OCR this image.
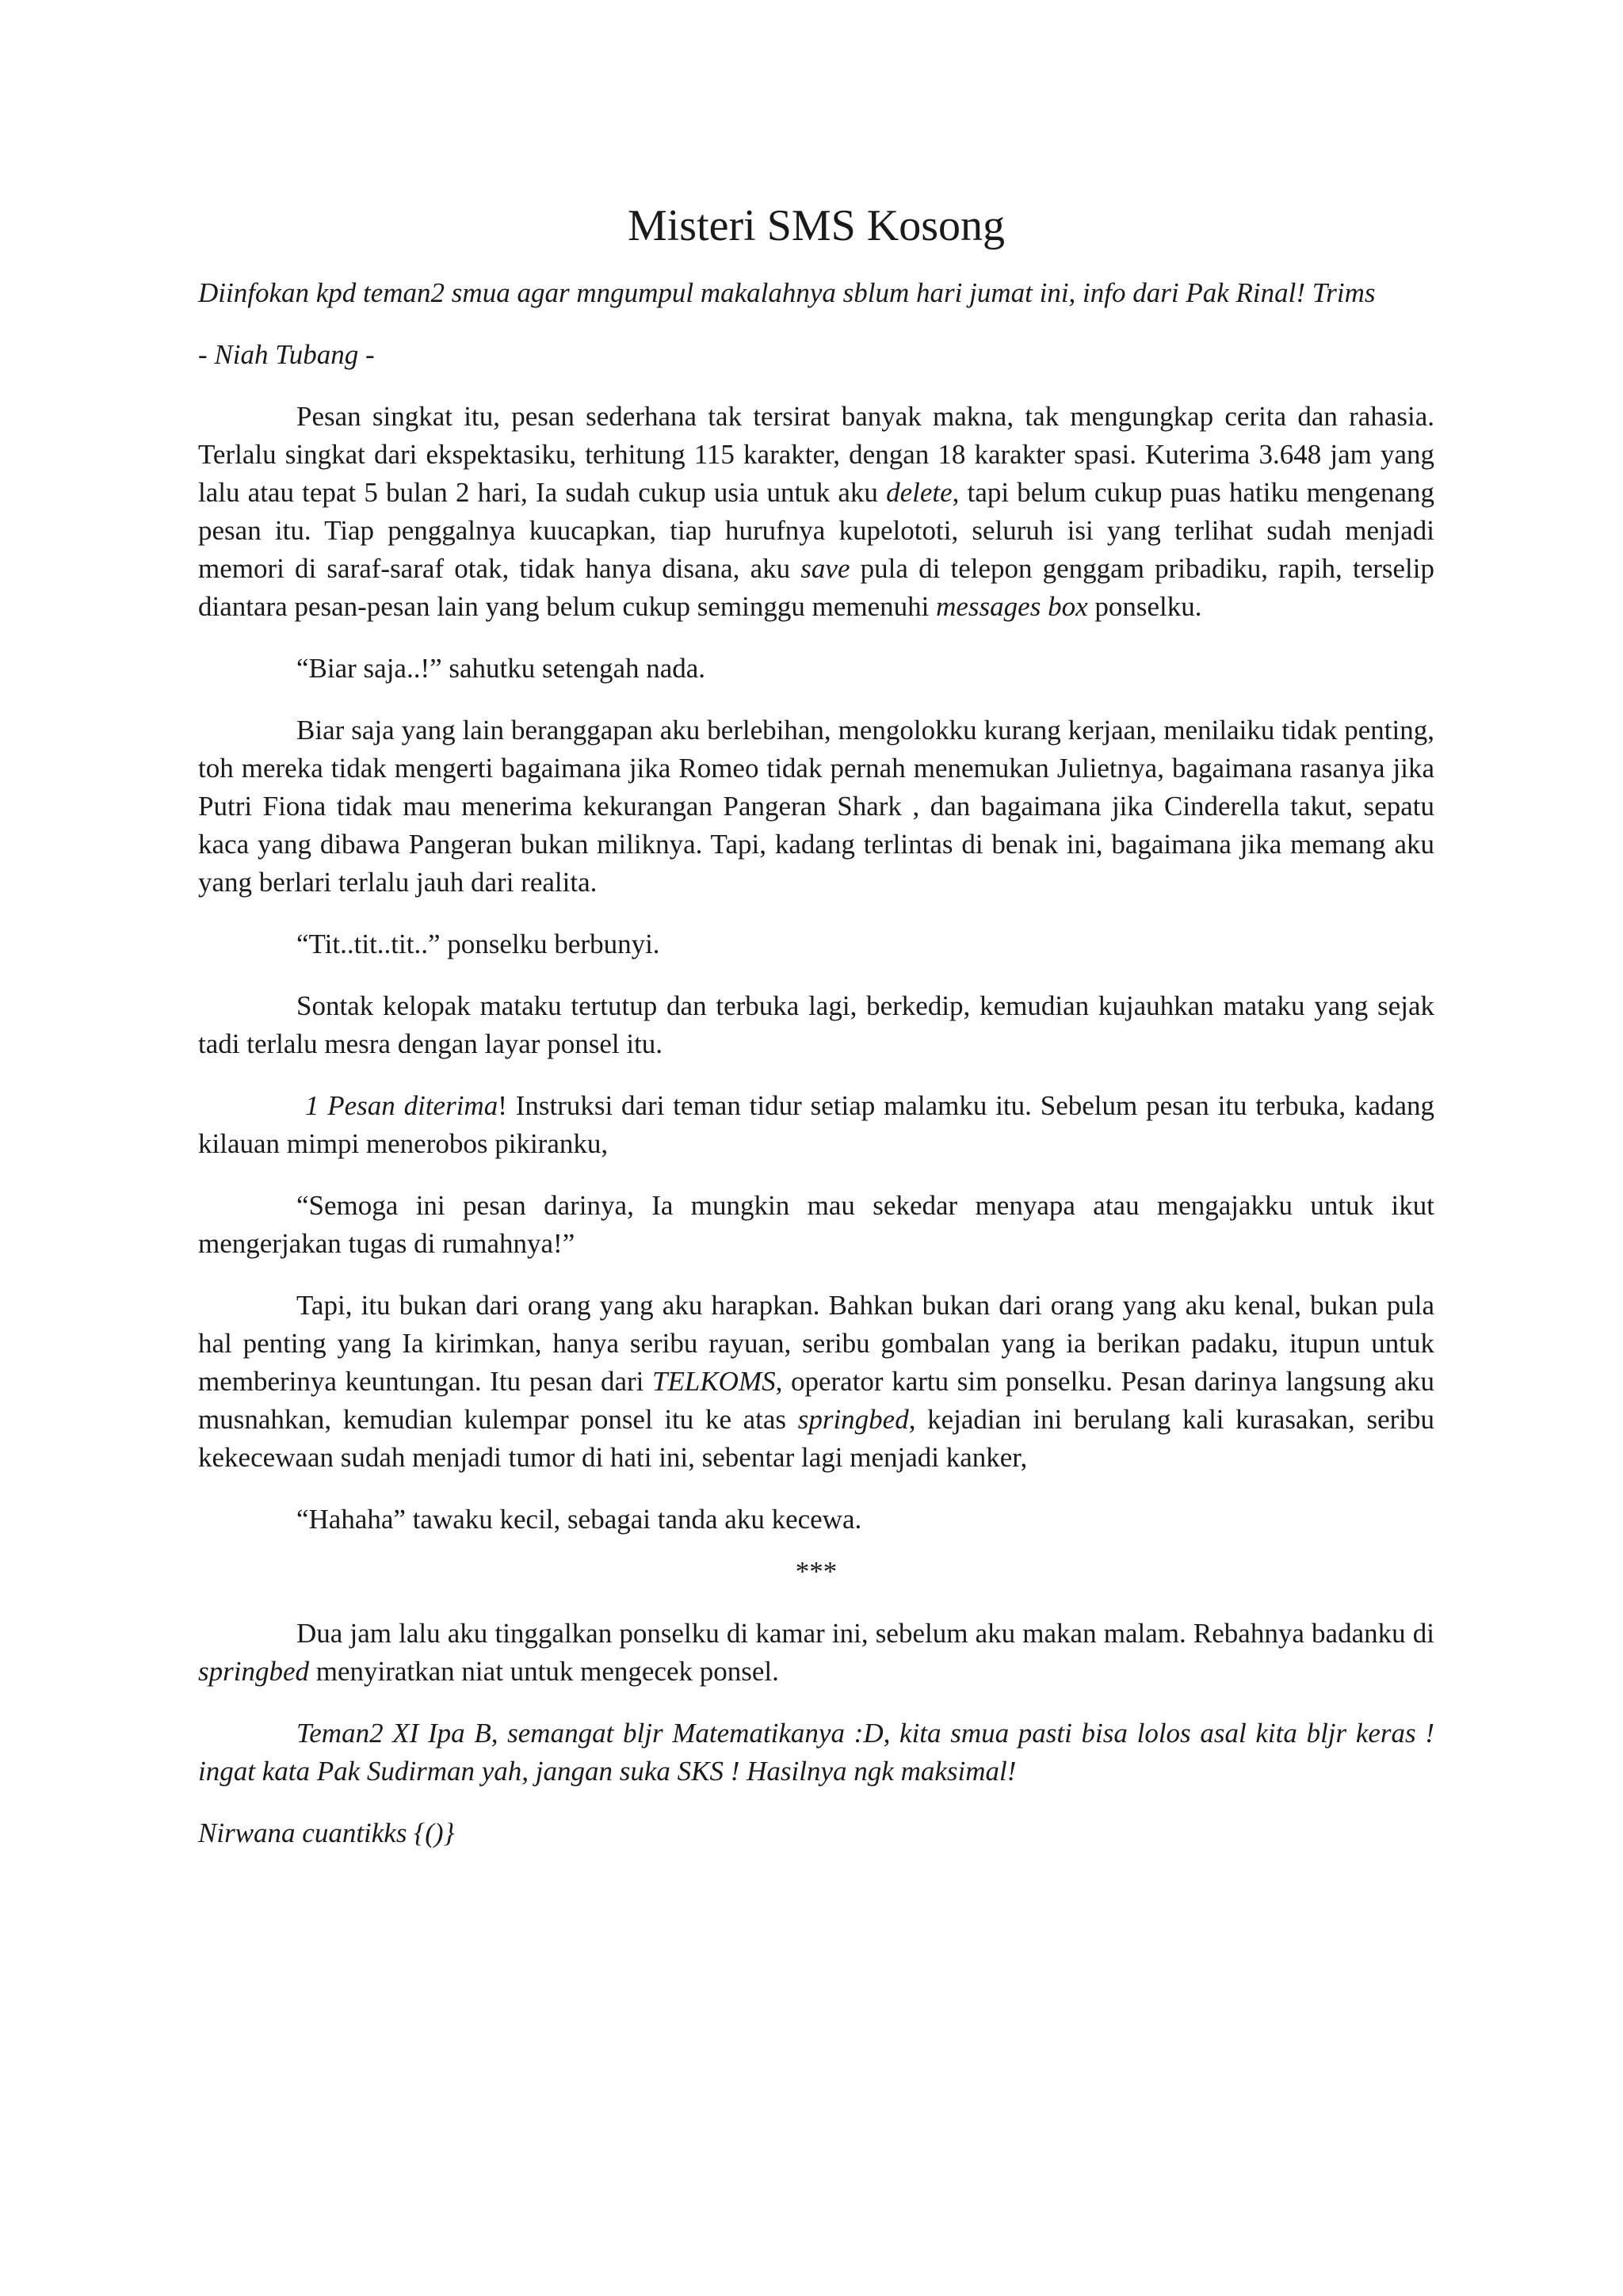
Misteri SMS Kosong

Diinfokan kpd teman2 smua agar mngumpul makalahnya sblum hari jumat ini, info dari Pak Rinal! Trims

- Niah Tubang -

Pesan singkat itu, pesan sederhana tak tersirat banyak makna, tak mengungkap cerita dan rahasia. Terlalu singkat dari ekspektasiku, terhitung 115 karakter, dengan 18 karakter spasi. Kuterima 3.648 jam yang lalu atau tepat 5 bulan 2 hari, Ia sudah cukup usia untuk aku delete, tapi belum cukup puas hatiku mengenang pesan itu. Tiap penggalnya kuucapkan, tiap hurufnya kupelototi, seluruh isi yang terlihat sudah menjadi memori di saraf-saraf otak, tidak hanya disana, aku save pula di telepon genggam pribadiku, rapih, terselip diantara pesan-pesan lain yang belum cukup seminggu memenuhi messages box ponselku.

“Biar saja..!” sahutku setengah nada.

Biar saja yang lain beranggapan aku berlebihan, mengolokku kurang kerjaan, menilaiku tidak penting, toh mereka tidak mengerti bagaimana jika Romeo tidak pernah menemukan Julietnya, bagaimana rasanya jika Putri Fiona tidak mau menerima kekurangan Pangeran Shark , dan bagaimana jika Cinderella takut, sepatu kaca yang dibawa Pangeran bukan miliknya. Tapi, kadang terlintas di benak ini, bagaimana jika memang aku yang berlari terlalu jauh dari realita.

“Tit..tit..tit..” ponselku berbunyi.

Sontak kelopak mataku tertutup dan terbuka lagi, berkedip, kemudian kujauhkan mataku yang sejak tadi terlalu mesra dengan layar ponsel itu.

1 Pesan diterima! Instruksi dari teman tidur setiap malamku itu. Sebelum pesan itu terbuka, kadang kilauan mimpi menerobos pikiranku,

“Semoga ini pesan darinya, Ia mungkin mau sekedar menyapa atau mengajakku untuk ikut mengerjakan tugas di rumahnya!”

Tapi, itu bukan dari orang yang aku harapkan. Bahkan bukan dari orang yang aku kenal, bukan pula hal penting yang Ia kirimkan, hanya seribu rayuan, seribu gombalan yang ia berikan padaku, itupun untuk memberinya keuntungan. Itu pesan dari TELKOMS, operator kartu sim ponselku. Pesan darinya langsung aku musnahkan, kemudian kulempar ponsel itu ke atas springbed, kejadian ini berulang kali kurasakan, seribu kekecewaan sudah menjadi tumor di hati ini, sebentar lagi menjadi kanker,

“Hahaha” tawaku kecil, sebagai tanda aku kecewa.

***

Dua jam lalu aku tinggalkan ponselku di kamar ini, sebelum aku makan malam. Rebahnya badanku di springbed menyiratkan niat untuk mengecek ponsel.

Teman2 XI Ipa B, semangat bljr Matematikanya :D, kita smua pasti bisa lolos asal kita bljr keras ! ingat kata Pak Sudirman yah, jangan suka SKS ! Hasilnya ngk maksimal!

Nirwana cuantikks {()}
